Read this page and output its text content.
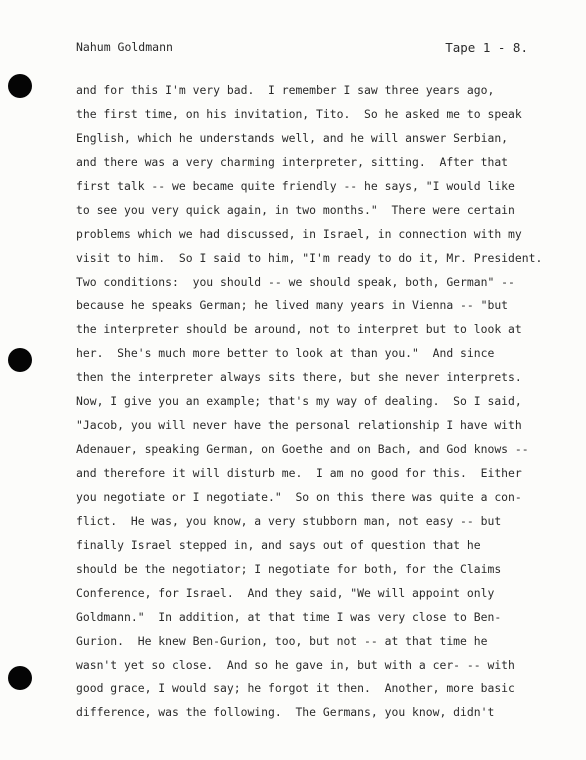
Nahum Goldmann	Tape 1 - 8.
and for this I'm very bad.  I remember I saw three years ago,
the first time, on his invitation, Tito.  So he asked me to speak
English, which he understands well, and he will answer Serbian,
and there was a very charming interpreter, sitting.  After that
first talk -- we became quite friendly -- he says, "I would like
to see you very quick again, in two months."  There were certain
problems which we had discussed, in Israel, in connection with my
visit to him.  So I said to him, "I'm ready to do it, Mr. President.
Two conditions:  you should -- we should speak, both, German" --
because he speaks German; he lived many years in Vienna -- "but
the interpreter should be around, not to interpret but to look at
her.  She's much more better to look at than you."  And since
then the interpreter always sits there, but she never interprets.
Now, I give you an example; that's my way of dealing.  So I said,
"Jacob, you will never have the personal relationship I have with
Adenauer, speaking German, on Goethe and on Bach, and God knows --
and therefore it will disturb me.  I am no good for this.  Either
you negotiate or I negotiate."  So on this there was quite a con-
flict.  He was, you know, a very stubborn man, not easy -- but
finally Israel stepped in, and says out of question that he
should be the negotiator; I negotiate for both, for the Claims
Conference, for Israel.  And they said, "We will appoint only
Goldmann."  In addition, at that time I was very close to Ben-
Gurion.  He knew Ben-Gurion, too, but not -- at that time he
wasn't yet so close.  And so he gave in, but with a cer- -- with
good grace, I would say; he forgot it then.  Another, more basic
difference, was the following.  The Germans, you know, didn't
